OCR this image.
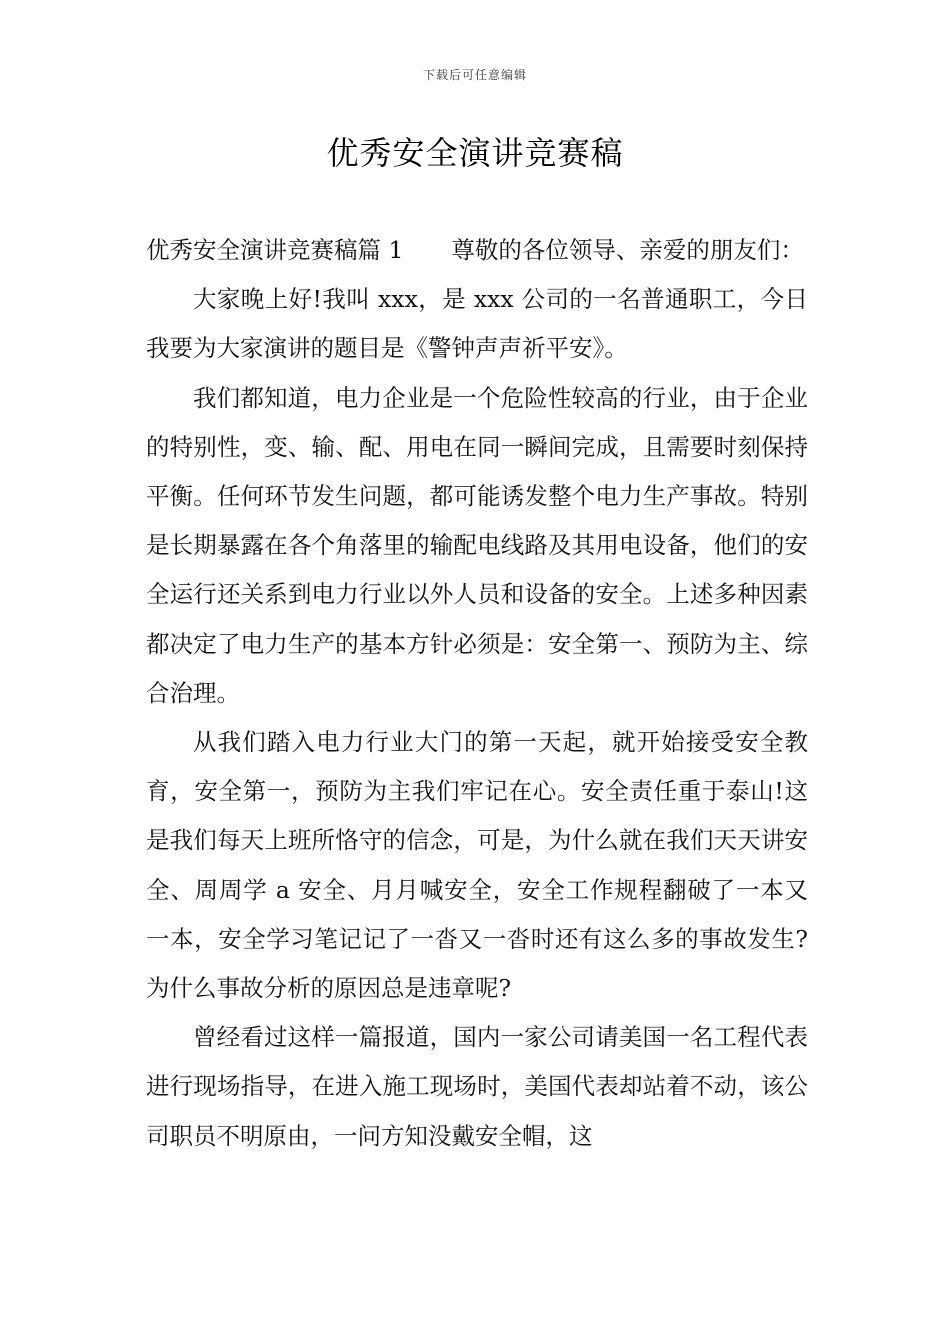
下载后可任意编辑
优秀安全演讲竞赛稿

优秀安全演讲竞赛稿篇 1 尊敬的各位领导、亲爱的朋友们：

大家晚上好!我叫 xxx，是 xxx 公司的一名普通职工，今日我要为大家演讲的题目是《警钟声声祈平安》。

我们都知道，电力企业是一个危险性较高的行业，由于企业的特别性，变、输、配、用电在同一瞬间完成，且需要时刻保持平衡。任何环节发生问题，都可能诱发整个电力生产事故。特别是长期暴露在各个角落里的输配电线路及其用电设备，他们的安全运行还关系到电力行业以外人员和设备的安全。上述多种因素都决定了电力生产的基本方针必须是：安全第一、预防为主、综合治理。

从我们踏入电力行业大门的第一天起，就开始接受安全教育，安全第一，预防为主我们牢记在心。安全责任重于泰山!这是我们每天上班所恪守的信念，可是，为什么就在我们天天讲安全、周周学 a 安全、月月喊安全，安全工作规程翻破了一本又一本，安全学习笔记记了一沓又一沓时还有这么多的事故发生?为什么事故分析的原因总是违章呢?

曾经看过这样一篇报道，国内一家公司请美国一名工程代表进行现场指导，在进入施工现场时，美国代表却站着不动，该公司职员不明原由，一问方知没戴安全帽，这
